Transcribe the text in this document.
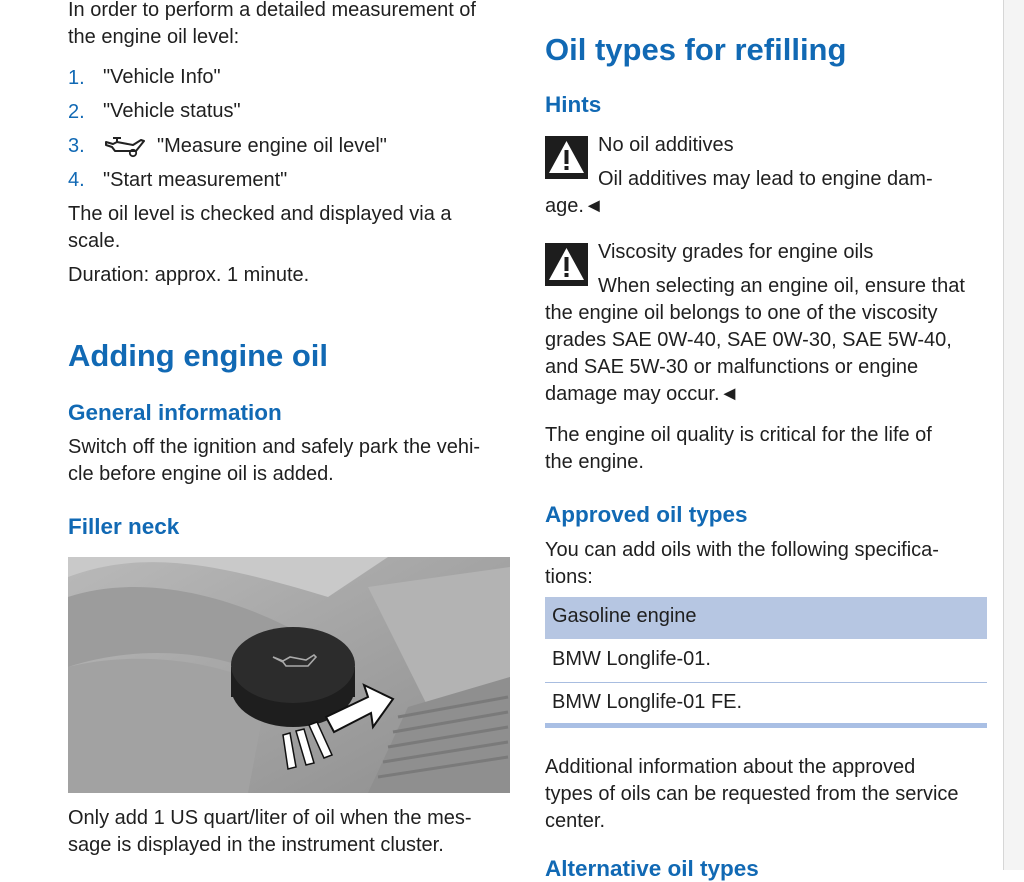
In order to perform a detailed measurement of
the engine oil level:
1. "Vehicle Info"
2. "Vehicle status"
3.	"Measure engine oil level"
4. "Start measurement"
The oil level is checked and displayed via a
scale.
Duration: approx. 1 minute.
Adding engine oil
General information
Switch off the ignition and safely park the vehi-
cle before engine oil is added.
Filler neck
Only add 1 US quart/liter of oil when the mes-
sage is displayed in the instrument cluster.
Oil types for refilling
Hints
No oil additives
Oil additives may lead to engine dam-
age.◄
Viscosity grades for engine oils
When selecting an engine oil, ensure that
the engine oil belongs to one of the viscosity
grades SAE 0W-40, SAE 0W-30, SAE 5W-40,
and SAE 5W-30 or malfunctions or engine
damage may occur.◄
The engine oil quality is critical for the life of
the engine.
Approved oil types
You can add oils with the following specifica-
tions:
Gasoline engine
BMW Longlife-01.
BMW Longlife-01 FE.
Additional information about the approved
types of oils can be requested from the service
center.
Alternative oil types
